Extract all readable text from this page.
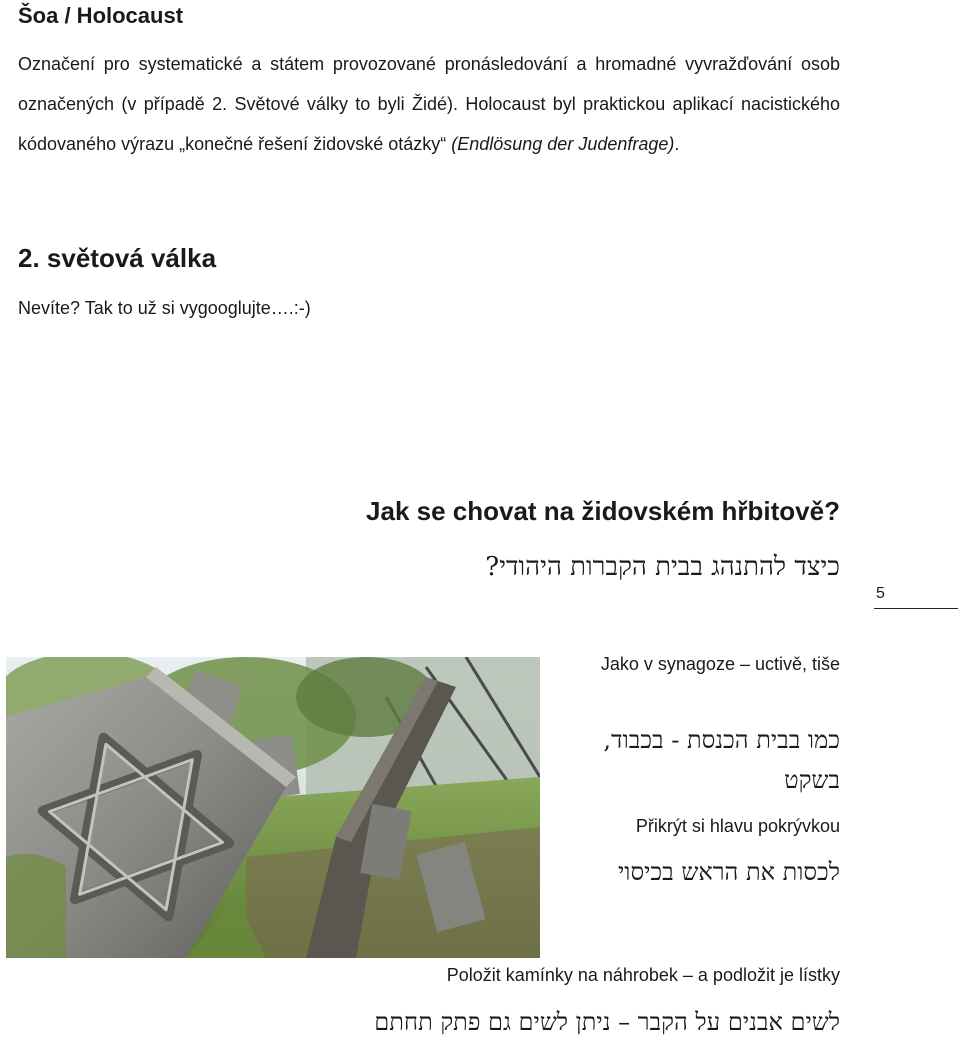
Šoa / Holocaust

Označení pro systematické a státem provozované pronásledování a hromadné vyvražďování osob označených (v případě 2. Světové války to byli Židé). Holocaust byl praktickou aplikací nacistického kódovaného výrazu „konečné řešení židovské otázky“ (Endlösung der Judenfrage).

2. světová válka

Nevíte? Tak to už si vygooglujte….:-)

Jak se chovat na židovském hřbitově?

כיצד להתנהג בבית הקברות היהודי?

5

Jako v synagoze – uctivě, tiše

כמו בבית הכנסת - בכבוד, בשקט

Přikrýt si hlavu pokrývkou

לכסות את הראש בכיסוי

Položit kamínky na náhrobek – a podložit je lístky

לשים אבנים על הקבר – ניתן לשים גם פתק תחתם
